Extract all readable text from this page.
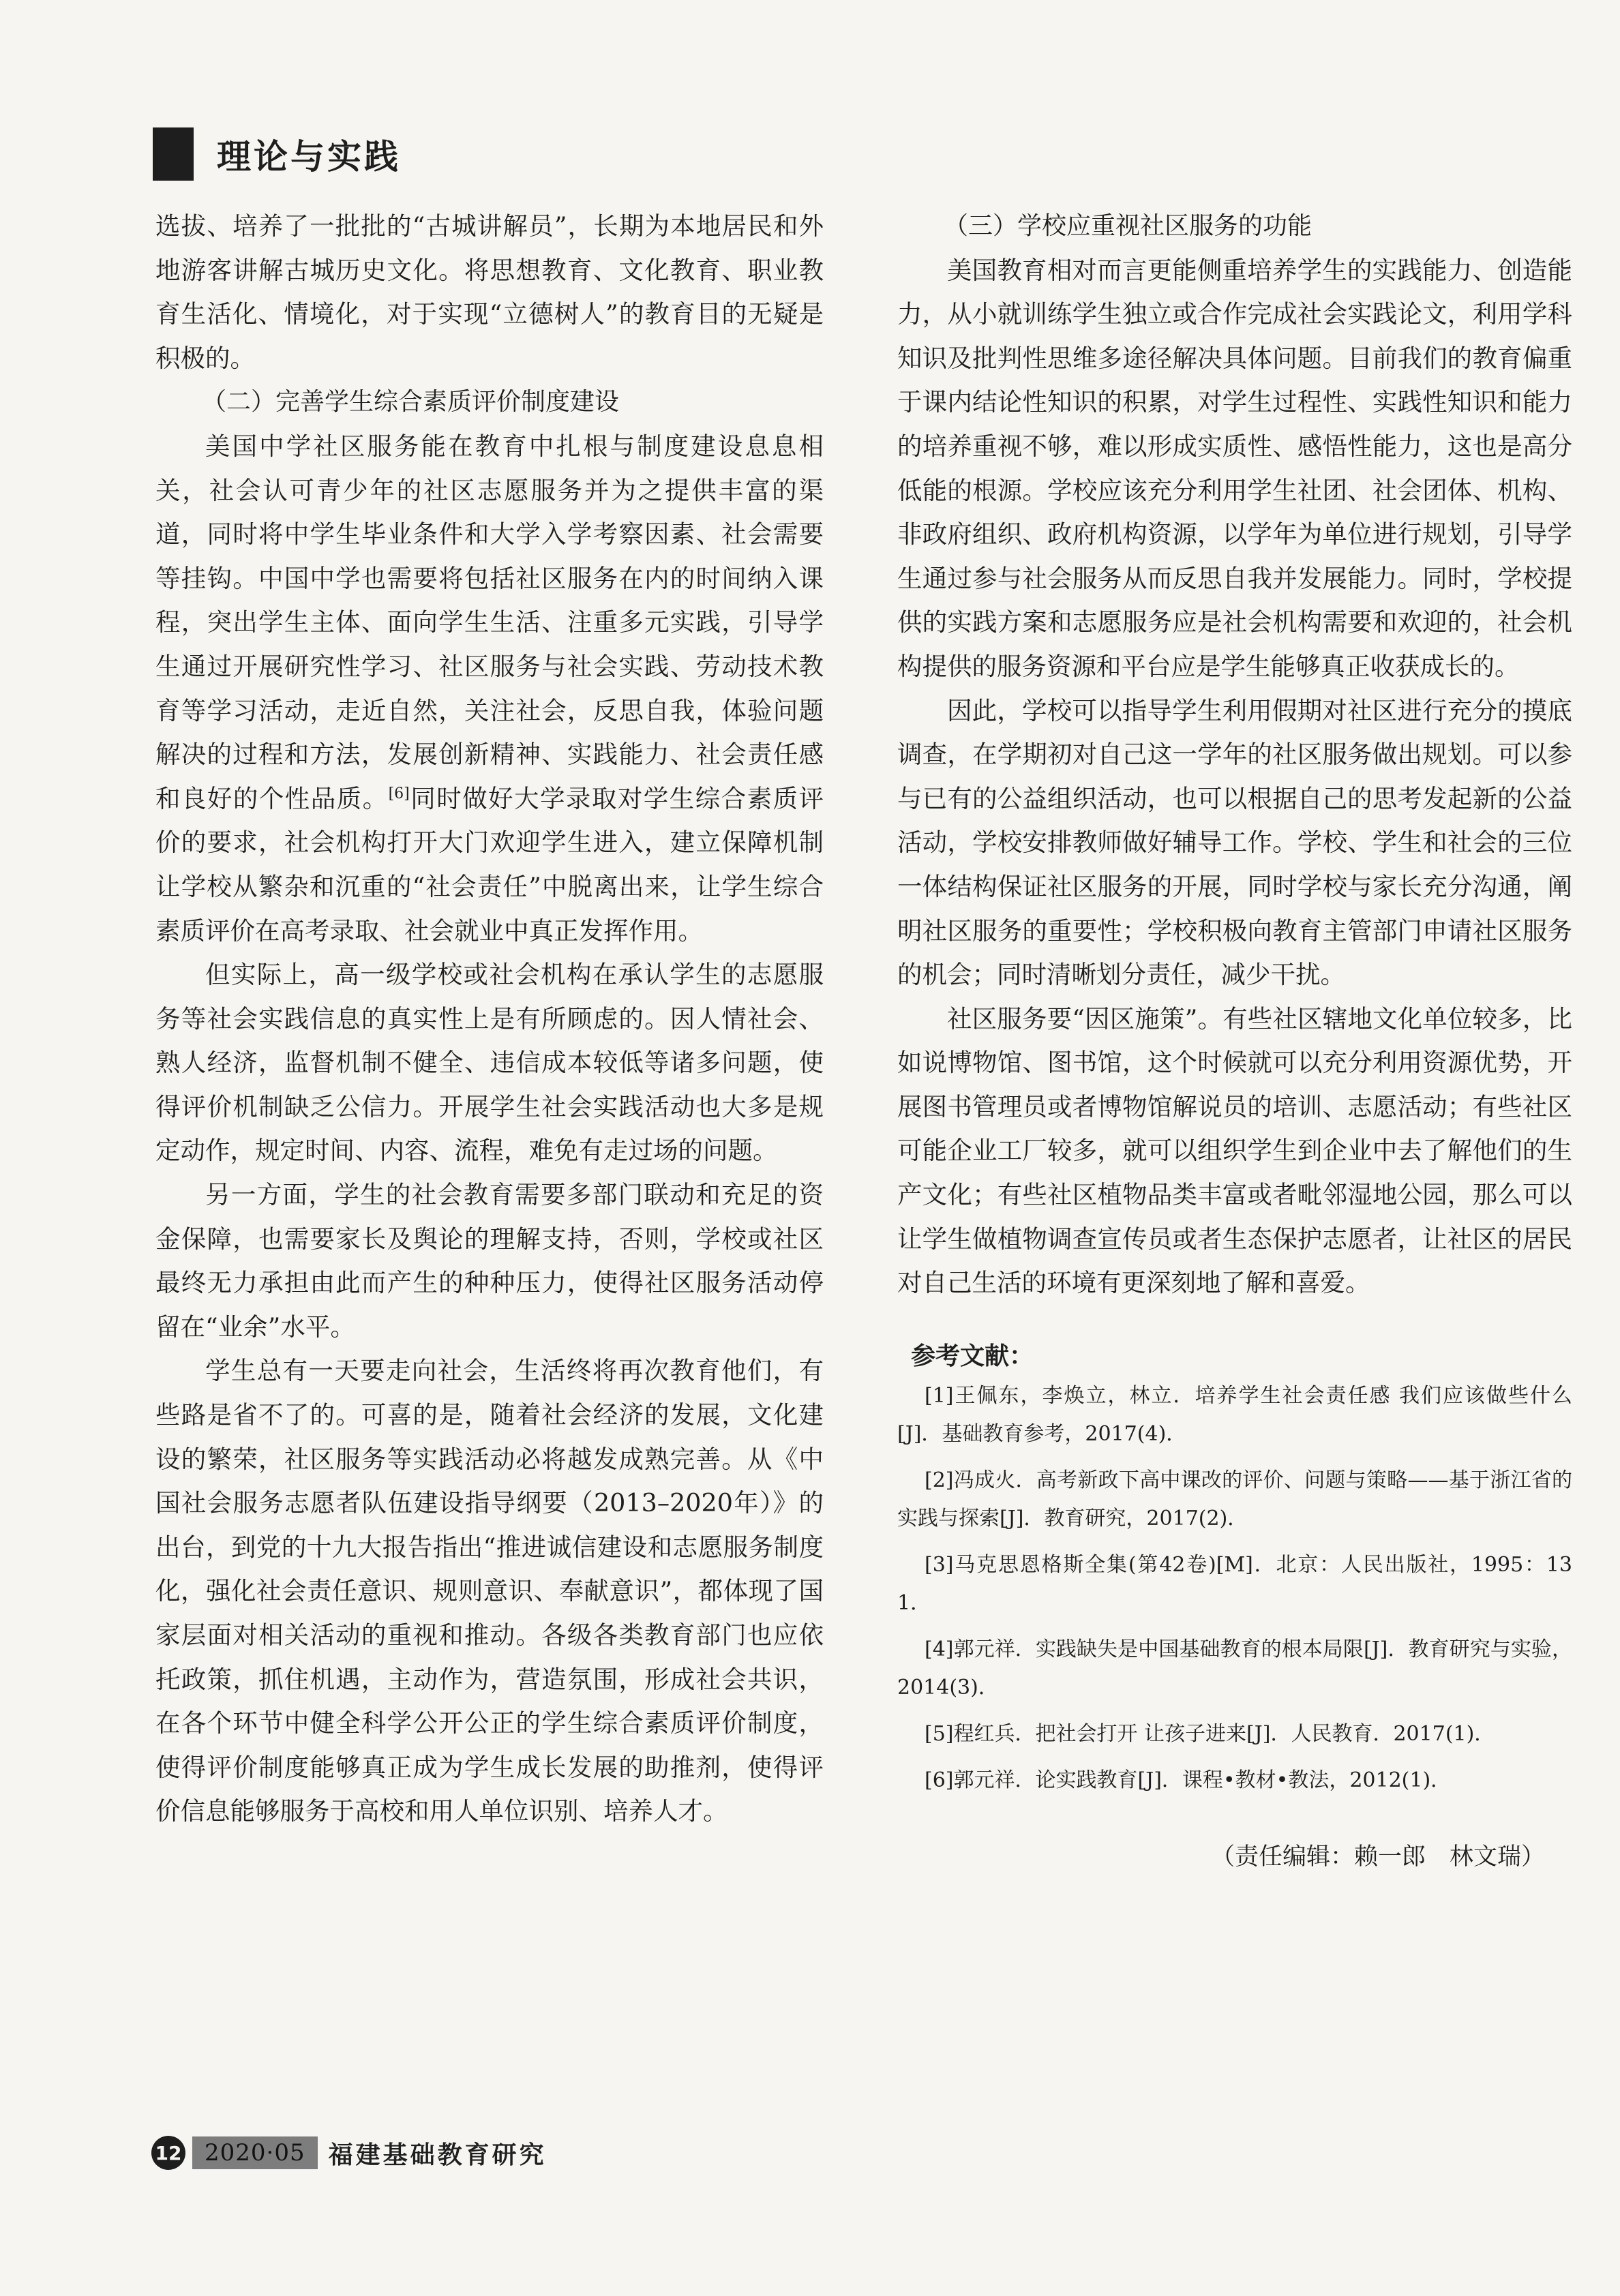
理论与实践

选拔、培养了一批批的“古城讲解员”，长期为本地居民和外地游客讲解古城历史文化。将思想教育、文化教育、职业教育生活化、情境化，对于实现“立德树人”的教育目的无疑是积极的。

（二）完善学生综合素质评价制度建设

美国中学社区服务能在教育中扎根与制度建设息息相关，社会认可青少年的社区志愿服务并为之提供丰富的渠道，同时将中学生毕业条件和大学入学考察因素、社会需要等挂钩。中国中学也需要将包括社区服务在内的时间纳入课程，突出学生主体、面向学生生活、注重多元实践，引导学生通过开展研究性学习、社区服务与社会实践、劳动技术教育等学习活动，走近自然，关注社会，反思自我，体验问题解决的过程和方法，发展创新精神、实践能力、社会责任感和良好的个性品质。[6]同时做好大学录取对学生综合素质评价的要求，社会机构打开大门欢迎学生进入，建立保障机制让学校从繁杂和沉重的“社会责任”中脱离出来，让学生综合素质评价在高考录取、社会就业中真正发挥作用。

但实际上，高一级学校或社会机构在承认学生的志愿服务等社会实践信息的真实性上是有所顾虑的。因人情社会、熟人经济，监督机制不健全、违信成本较低等诸多问题，使得评价机制缺乏公信力。开展学生社会实践活动也大多是规定动作，规定时间、内容、流程，难免有走过场的问题。

另一方面，学生的社会教育需要多部门联动和充足的资金保障，也需要家长及舆论的理解支持，否则，学校或社区最终无力承担由此而产生的种种压力，使得社区服务活动停留在“业余”水平。

学生总有一天要走向社会，生活终将再次教育他们，有些路是省不了的。可喜的是，随着社会经济的发展，文化建设的繁荣，社区服务等实践活动必将越发成熟完善。从《中国社会服务志愿者队伍建设指导纲要（2013–2020年）》的出台，到党的十九大报告指出“推进诚信建设和志愿服务制度化，强化社会责任意识、规则意识、奉献意识”，都体现了国家层面对相关活动的重视和推动。各级各类教育部门也应依托政策，抓住机遇，主动作为，营造氛围，形成社会共识，在各个环节中健全科学公开公正的学生综合素质评价制度，使得评价制度能够真正成为学生成长发展的助推剂，使得评价信息能够服务于高校和用人单位识别、培养人才。

（三）学校应重视社区服务的功能

美国教育相对而言更能侧重培养学生的实践能力、创造能力，从小就训练学生独立或合作完成社会实践论文，利用学科知识及批判性思维多途径解决具体问题。目前我们的教育偏重于课内结论性知识的积累，对学生过程性、实践性知识和能力的培养重视不够，难以形成实质性、感悟性能力，这也是高分低能的根源。学校应该充分利用学生社团、社会团体、机构、非政府组织、政府机构资源，以学年为单位进行规划，引导学生通过参与社会服务从而反思自我并发展能力。同时，学校提供的实践方案和志愿服务应是社会机构需要和欢迎的，社会机构提供的服务资源和平台应是学生能够真正收获成长的。

因此，学校可以指导学生利用假期对社区进行充分的摸底调查，在学期初对自己这一学年的社区服务做出规划。可以参与已有的公益组织活动，也可以根据自己的思考发起新的公益活动，学校安排教师做好辅导工作。学校、学生和社会的三位一体结构保证社区服务的开展，同时学校与家长充分沟通，阐明社区服务的重要性；学校积极向教育主管部门申请社区服务的机会；同时清晰划分责任，减少干扰。

社区服务要“因区施策”。有些社区辖地文化单位较多，比如说博物馆、图书馆，这个时候就可以充分利用资源优势，开展图书管理员或者博物馆解说员的培训、志愿活动；有些社区可能企业工厂较多，就可以组织学生到企业中去了解他们的生产文化；有些社区植物品类丰富或者毗邻湿地公园，那么可以让学生做植物调查宣传员或者生态保护志愿者，让社区的居民对自己生活的环境有更深刻地了解和喜爱。

参考文献：

[1]王佩东，李焕立，林立．培养学生社会责任感 我们应该做些什么[J]．基础教育参考，2017(4)．

[2]冯成火．高考新政下高中课改的评价、问题与策略——基于浙江省的实践与探索[J]．教育研究，2017(2)．

[3]马克思恩格斯全集(第42卷)[M]．北京：人民出版社，1995：131．

[4]郭元祥．实践缺失是中国基础教育的根本局限[J]．教育研究与实验，2014(3)．

[5]程红兵．把社会打开 让孩子进来[J]．人民教育．2017(1)．

[6]郭元祥．论实践教育[J]．课程•教材•教法，2012(1)．

（责任编辑：赖一郎　林文瑞）
12 2020·05 福建基础教育研究
